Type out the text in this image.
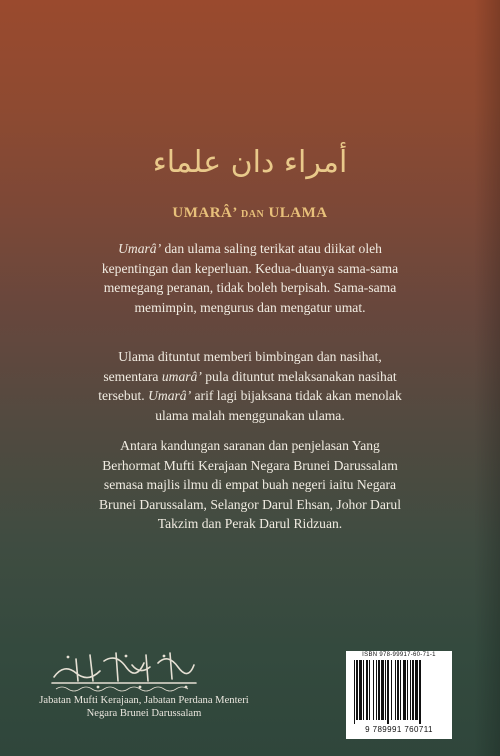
أمراء دان علماء
UMARÂ’ DAN ULAMA

Umarâ’ dan ulama saling terikat atau diikat oleh kepentingan dan keperluan. Kedua-duanya sama-sama memegang peranan, tidak boleh berpisah. Sama-sama memimpin, mengurus dan mengatur umat.

Ulama dituntut memberi bimbingan dan nasihat, sementara umarâ’ pula dituntut melaksanakan nasihat tersebut. Umarâ’ arif lagi bijaksana tidak akan menolak ulama malah menggunakan ulama.

Antara kandungan saranan dan penjelasan Yang Berhormat Mufti Kerajaan Negara Brunei Darussalam semasa majlis ilmu di empat buah negeri iaitu Negara Brunei Darussalam, Selangor Darul Ehsan, Johor Darul Takzim dan Perak Darul Ridzuan.

Jabatan Mufti Kerajaan, Jabatan Perdana Menteri
Negara Brunei Darussalam
ISBN 978-99917-60-71-1
9 789991 760711
